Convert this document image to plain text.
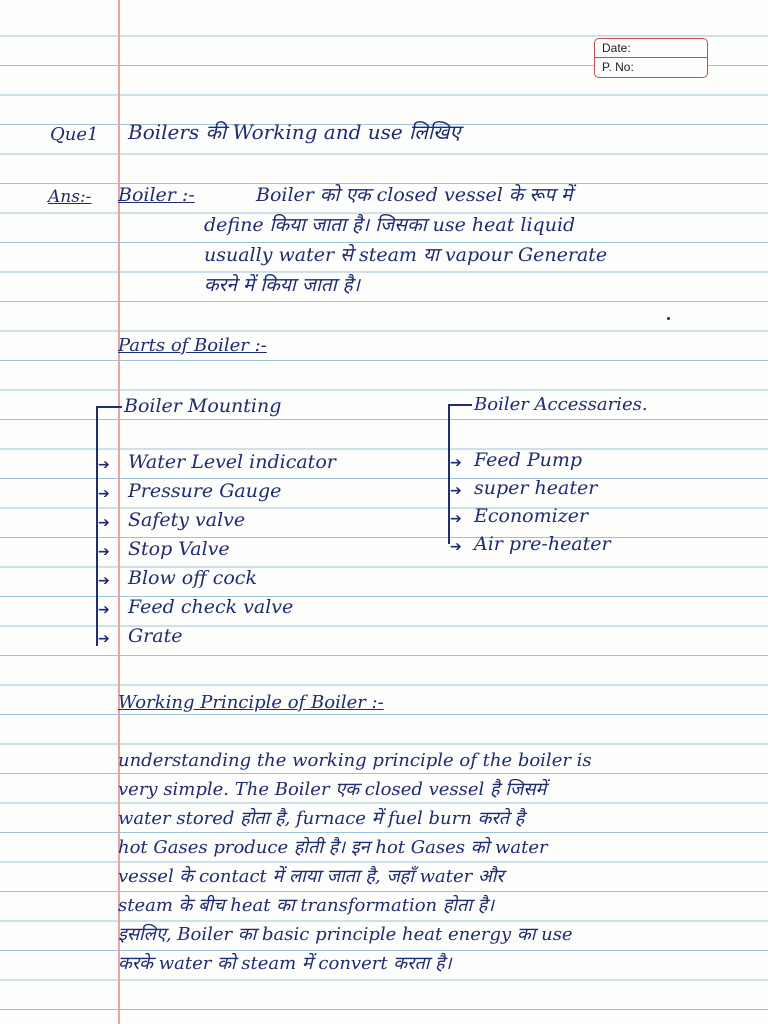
Date:
P. No:
Que1 Boilers की Working and use लिखिए
Ans:- Boiler :-	Boiler को एक closed vessel के रूप में
define किया जाता है। जिसका use heat liquid
usually water से steam या vapour Generate
करने में किया जाता है।
Parts of Boiler :-
Boiler Mounting
➔ Water Level indicator
➔ Pressure Gauge
➔ Safety valve
➔ Stop Valve
➔ Blow off cock
➔ Feed check valve
➔ Grate
Boiler Accessaries.
➔ Feed Pump
➔ super heater
➔ Economizer
➔ Air pre-heater
Working Principle of Boiler :-
understanding the working principle of the boiler is
very simple. The Boiler एक closed vessel है जिसमें
water stored होता है, furnace में fuel burn करते है
hot Gases produce होती है। इन hot Gases को water
vessel के contact में लाया जाता है, जहाँ water और
steam के बीच heat का transformation होता है।
इसलिए, Boiler का basic principle heat energy का use
करके water को steam में convert करता है।
